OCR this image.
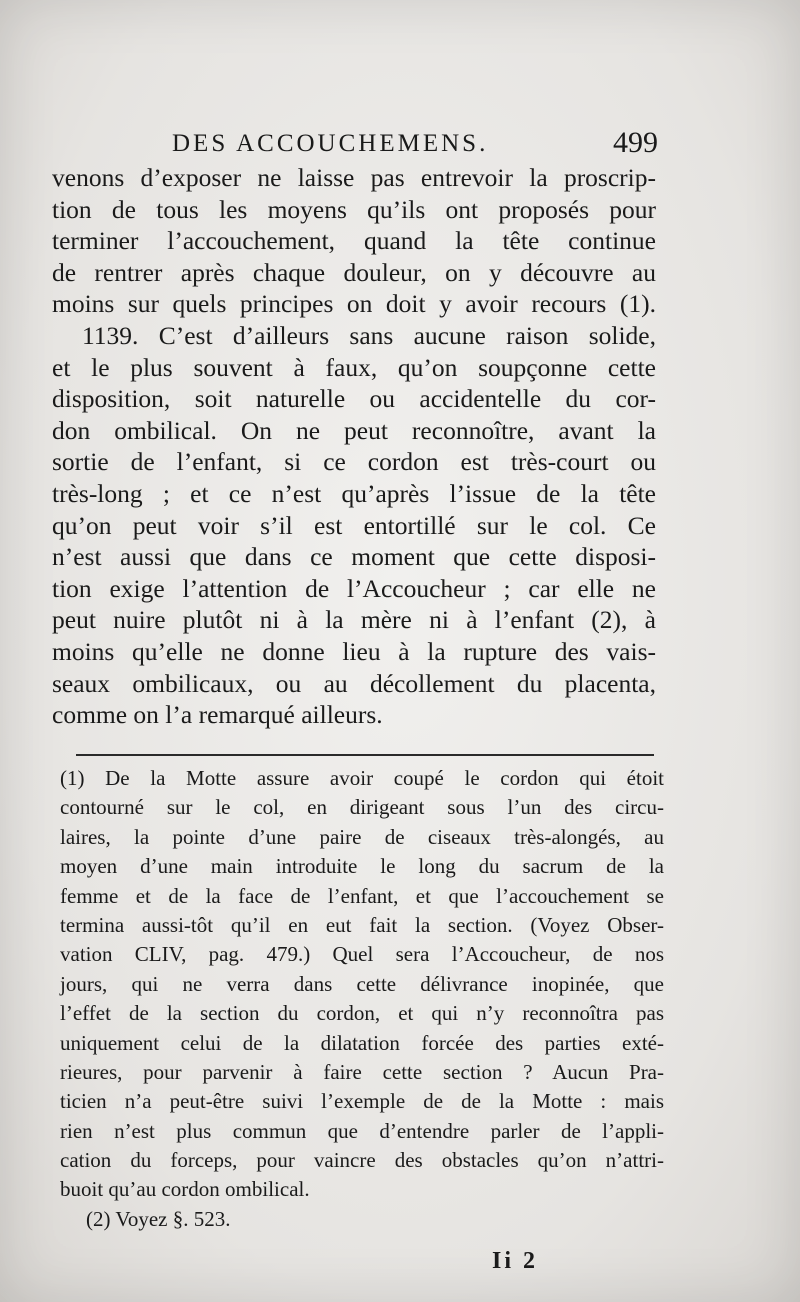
DES ACCOUCHEMENS.	499
venons d’exposer ne laisse pas entrevoir la proscrip-
tion de tous les moyens qu’ils ont proposés pour
terminer l’accouchement, quand la tête continue
de rentrer après chaque douleur, on y découvre au
moins sur quels principes on doit y avoir recours (1).
1139. C’est d’ailleurs sans aucune raison solide,
et le plus souvent à faux, qu’on soupçonne cette
disposition, soit naturelle ou accidentelle du cor-
don ombilical. On ne peut reconnoître, avant la
sortie de l’enfant, si ce cordon est très-court ou
très-long ; et ce n’est qu’après l’issue de la tête
qu’on peut voir s’il est entortillé sur le col. Ce
n’est aussi que dans ce moment que cette disposi-
tion exige l’attention de l’Accoucheur ; car elle ne
peut nuire plutôt ni à la mère ni à l’enfant (2), à
moins qu’elle ne donne lieu à la rupture des vais-
seaux ombilicaux, ou au décollement du placenta,
comme on l’a remarqué ailleurs.
(1) De la Motte assure avoir coupé le cordon qui étoit
contourné sur le col, en dirigeant sous l’un des circu-
laires, la pointe d’une paire de ciseaux très-alongés, au
moyen d’une main introduite le long du sacrum de la
femme et de la face de l’enfant, et que l’accouchement se
termina aussi-tôt qu’il en eut fait la section. (Voyez Obser-
vation CLIV, pag. 479.) Quel sera l’Accoucheur, de nos
jours, qui ne verra dans cette délivrance inopinée, que
l’effet de la section du cordon, et qui n’y reconnoîtra pas
uniquement celui de la dilatation forcée des parties exté-
rieures, pour parvenir à faire cette section ? Aucun Pra-
ticien n’a peut-être suivi l’exemple de de la Motte : mais
rien n’est plus commun que d’entendre parler de l’appli-
cation du forceps, pour vaincre des obstacles qu’on n’attri-
buoit qu’au cordon ombilical.
(2) Voyez §. 523.
Ii 2
